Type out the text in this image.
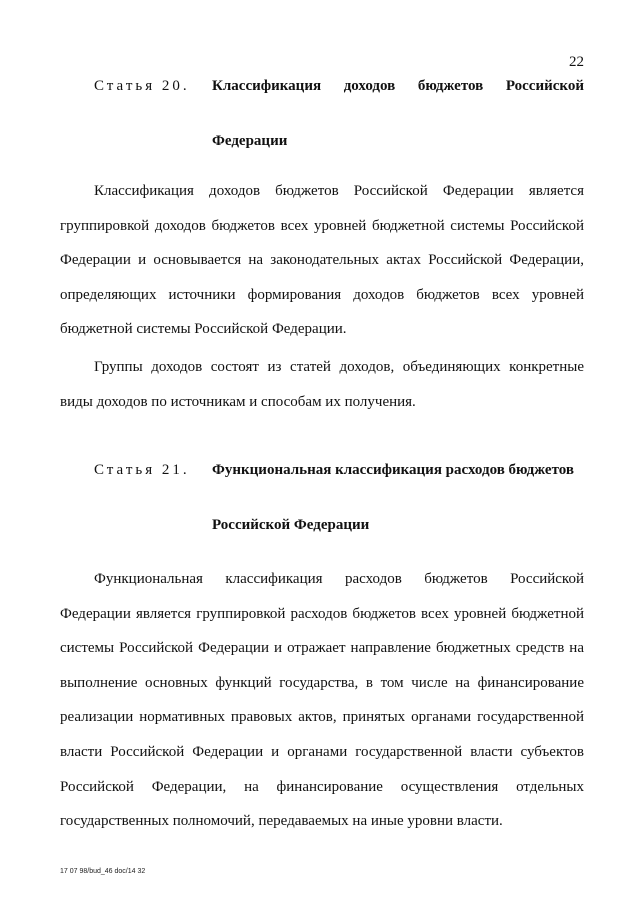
22
Статья 20.	Классификация доходов бюджетов Российской
Федерации
Классификация доходов бюджетов Российской Федерации является
группировкой доходов бюджетов всех уровней бюджетной системы Российской
Федерации и основывается на законодательных актах Российской Федерации,
определяющих источники формирования доходов бюджетов всех уровней
бюджетной системы Российской Федерации.
Группы доходов состоят из статей доходов, объединяющих конкретные
виды доходов по источникам и способам их получения.
Статья 21.	Функциональная классификация расходов бюджетов
Российской Федерации
Функциональная классификация расходов бюджетов Российской
Федерации является группировкой расходов бюджетов всех уровней бюджетной
системы Российской Федерации и отражает направление бюджетных средств на
выполнение основных функций государства, в том числе на финансирование
реализации нормативных правовых актов, принятых органами государственной
власти Российской Федерации и органами государственной власти субъектов
Российской Федерации, на финансирование осуществления отдельных
государственных полномочий, передаваемых на иные уровни власти.
17 07 98/bud_46 doc/14 32
